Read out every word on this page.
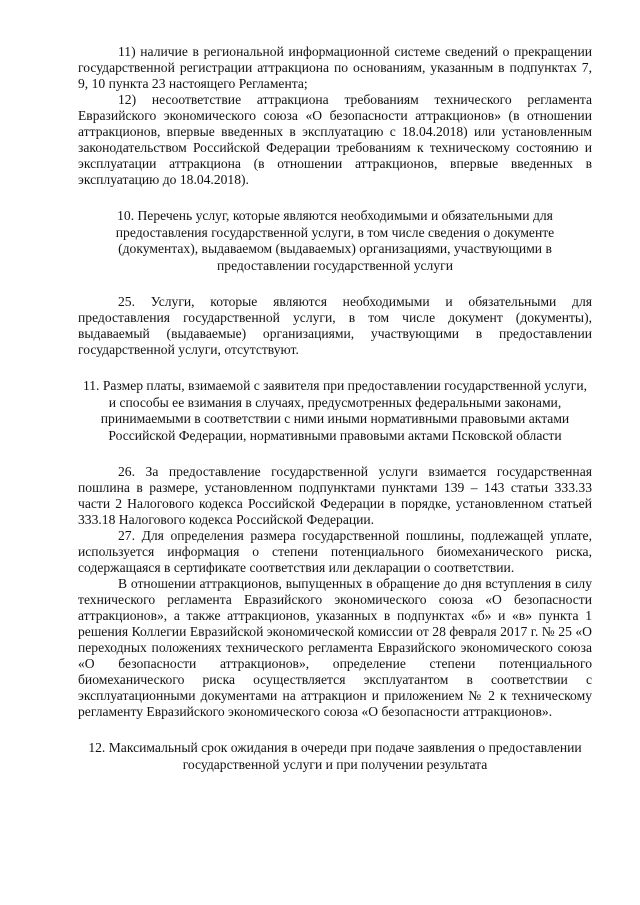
11) наличие в региональной информационной системе сведений о прекращении государственной регистрации аттракциона по основаниям, указанным в подпунктах 7, 9, 10 пункта 23 настоящего Регламента;

12) несоответствие аттракциона требованиям технического регламента Евразийского экономического союза «О безопасности аттракционов» (в отношении аттракционов, впервые введенных в эксплуатацию с 18.04.2018) или установленным законодательством Российской Федерации требованиям к техническому состоянию и эксплуатации аттракциона (в отношении аттракционов, впервые введенных в эксплуатацию до 18.04.2018).

10. Перечень услуг, которые являются необходимыми и обязательными для предоставления государственной услуги, в том числе сведения о документе (документах), выдаваемом (выдаваемых) организациями, участвующими в предоставлении государственной услуги

25. Услуги, которые являются необходимыми и обязательными для предоставления государственной услуги, в том числе документ (документы), выдаваемый (выдаваемые) организациями, участвующими в предоставлении государственной услуги, отсутствуют.

11. Размер платы, взимаемой с заявителя при предоставлении государственной услуги, и способы ее взимания в случаях, предусмотренных федеральными законами, принимаемыми в соответствии с ними иными нормативными правовыми актами Российской Федерации, нормативными правовыми актами Псковской области

26. За предоставление государственной услуги взимается государственная пошлина в размере, установленном подпунктами пунктами 139 – 143 статьи 333.33 части 2 Налогового кодекса Российской Федерации в порядке, установленном статьей 333.18 Налогового кодекса Российской Федерации.

27. Для определения размера государственной пошлины, подлежащей уплате, используется информация о степени потенциального биомеханического риска, содержащаяся в сертификате соответствия или декларации о соответствии.

В отношении аттракционов, выпущенных в обращение до дня вступления в силу технического регламента Евразийского экономического союза «О безопасности аттракционов», а также аттракционов, указанных в подпунктах «б» и «в» пункта 1 решения Коллегии Евразийской экономической комиссии от 28 февраля 2017 г. № 25 «О переходных положениях технического регламента Евразийского экономического союза «О безопасности аттракционов», определение степени потенциального биомеханического риска осуществляется эксплуатантом в соответствии с эксплуатационными документами на аттракцион и приложением № 2 к техническому регламенту Евразийского экономического союза «О безопасности аттракционов».

12. Максимальный срок ожидания в очереди при подаче заявления о предоставлении государственной услуги и при получении результата
